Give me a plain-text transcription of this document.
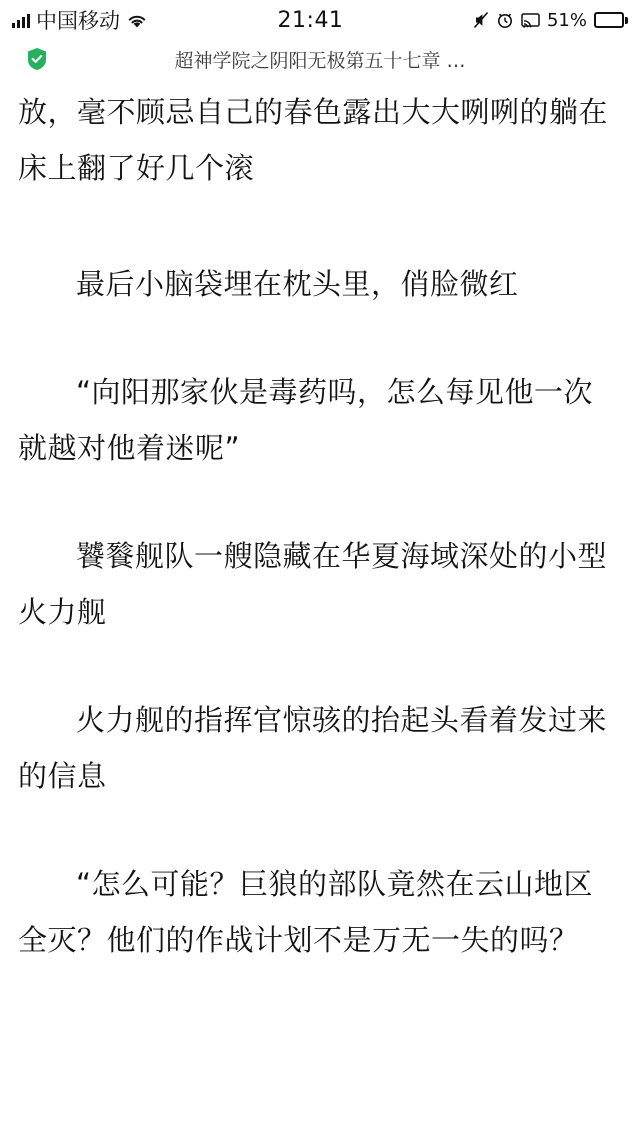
中国移动	21:41	51% ⚡
超神学院之阴阳无极第五十七章 …

放，毫不顾忌自己的春色露出大大咧咧的躺在床上翻了好几个滚

最后小脑袋埋在枕头里，俏脸微红

“向阳那家伙是毒药吗，怎么每见他一次就越对他着迷呢”

饕餮舰队一艘隐藏在华夏海域深处的小型火力舰

火力舰的指挥官惊骇的抬起头看着发过来的信息

“怎么可能？巨狼的部队竟然在云山地区全灭？他们的作战计划不是万无一失的吗？
